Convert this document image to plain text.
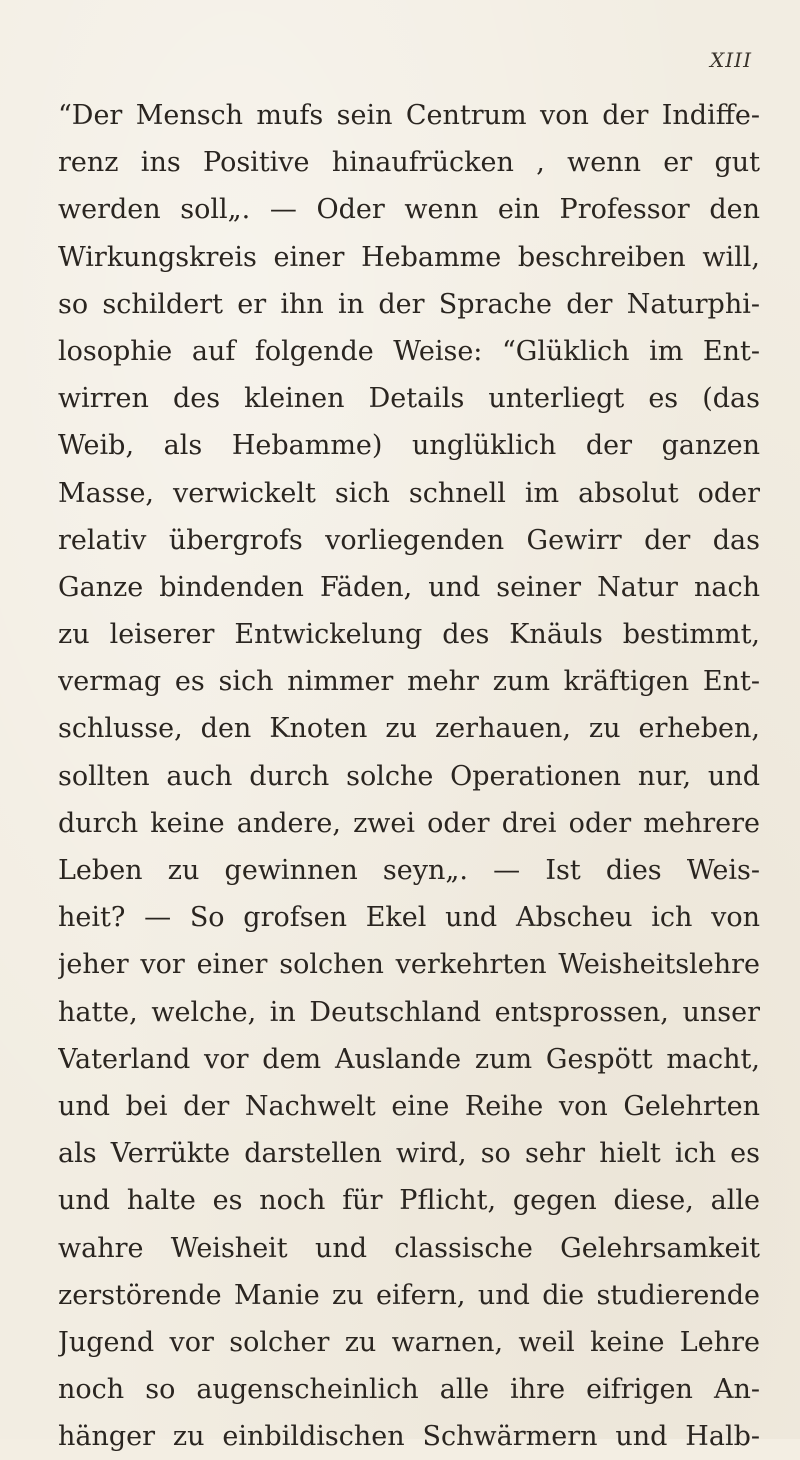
XIII
“Der Mensch mufs sein Centrum von der Indiffe-
renz ins Positive hinaufrücken , wenn er gut
werden soll„. — Oder wenn ein Professor den
Wirkungskreis einer Hebamme beschreiben will,
so schildert er ihn in der Sprache der Naturphi-
losophie auf folgende Weise: “Glüklich im Ent-
wirren des kleinen Details unterliegt es (das
Weib, als Hebamme) unglüklich der ganzen
Masse, verwickelt sich schnell im absolut oder
relativ übergrofs vorliegenden Gewirr der das
Ganze bindenden Fäden, und seiner Natur nach
zu leiserer Entwickelung des Knäuls bestimmt,
vermag es sich nimmer mehr zum kräftigen Ent-
schlusse, den Knoten zu zerhauen, zu erheben,
sollten auch durch solche Operationen nur, und
durch keine andere, zwei oder drei oder mehrere
Leben zu gewinnen seyn„. — Ist dies Weis-
heit? — So grofsen Ekel und Abscheu ich von
jeher vor einer solchen verkehrten Weisheitslehre
hatte, welche, in Deutschland entsprossen, unser
Vaterland vor dem Auslande zum Gespött macht,
und bei der Nachwelt eine Reihe von Gelehrten
als Verrükte darstellen wird, so sehr hielt ich es
und halte es noch für Pflicht, gegen diese, alle
wahre Weisheit und classische Gelehrsamkeit
zerstörende Manie zu eifern, und die studierende
Jugend vor solcher zu warnen, weil keine Lehre
noch so augenscheinlich alle ihre eifrigen An-
hänger zu einbildischen Schwärmern und Halb-
